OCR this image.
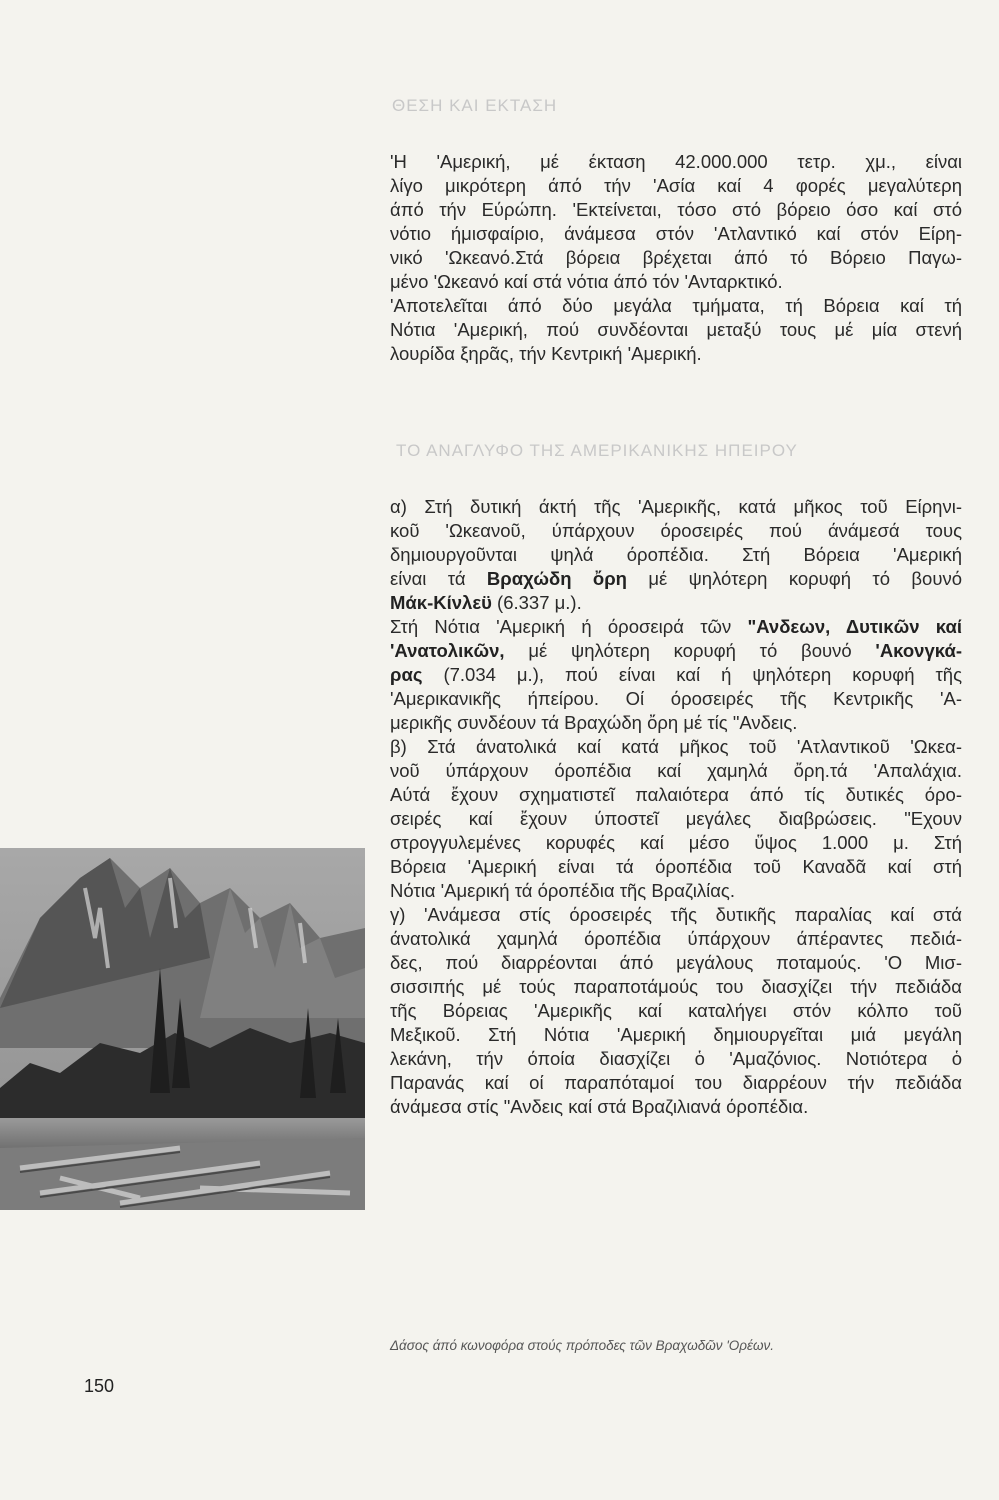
ΘΕΣΗ ΚΑΙ ΕΚΤΑΣΗ
'Η 'Αμερική, μέ έκταση 42.000.000 τετρ. χμ., είναι
λίγο μικρότερη άπό τήν 'Ασία καί 4 φορές μεγαλύτερη
άπό τήν Εύρώπη. 'Εκτείνεται, τόσο στό βόρειο όσο καί στό
νότιο ήμισφαίριο, άνάμεσα στόν 'Ατλαντικό καί στόν Είρη-
νικό 'Ωκεανό.Στά βόρεια βρέχεται άπό τό Βόρειο Παγω-
μένο 'Ωκεανό καί στά νότια άπό τόν 'Ανταρκτικό.
'Αποτελεῖται άπό δύο μεγάλα τμήματα, τή Βόρεια καί τή
Νότια 'Αμερική, πού συνδέονται μεταξύ τους μέ μία στενή
λουρίδα ξηρᾶς, τήν Κεντρική 'Αμερική.
ΤΟ ΑΝΑΓΛΥΦΟ ΤΗΣ ΑΜΕΡΙΚΑΝΙΚΗΣ ΗΠΕΙΡΟΥ
α) Στή δυτική άκτή τῆς 'Αμερικῆς, κατά μῆκος τοῦ Είρηνι-
κοῦ 'Ωκεανοῦ, ύπάρχουν όροσειρές πού άνάμεσά τους
δημιουργοῦνται ψηλά όροπέδια. Στή Βόρεια 'Αμερική
είναι τά Βραχώδη ὄρη μέ ψηλότερη κορυφή τό βουνό
Μάκ-Κίνλεϋ (6.337 μ.).
Στή Νότια 'Αμερική ή όροσειρά τῶν "Ανδεων, Δυτικῶν καί
'Ανατολικῶν, μέ ψηλότερη κορυφή τό βουνό 'Ακονγκά-
ρας (7.034 μ.), πού είναι καί ή ψηλότερη κορυφή τῆς
'Αμερικανικῆς ήπείρου. Οί όροσειρές τῆς Κεντρικῆς 'Α-
μερικῆς συνδέουν τά Βραχώδη ὄρη μέ τίς "Ανδεις.
β) Στά άνατολικά καί κατά μῆκος τοῦ 'Ατλαντικοῦ 'Ωκεα-
νοῦ ύπάρχουν όροπέδια καί χαμηλά ὄρη.τά 'Απαλάχια.
Αύτά ἔχουν σχηματιστεῖ παλαιότερα άπό τίς δυτικές όρο-
σειρές καί ἔχουν ύποστεῖ μεγάλες διαβρώσεις. "Εχουν
στρογγυλεμένες κορυφές καί μέσο ὕψος 1.000 μ. Στή
Βόρεια 'Αμερική είναι τά όροπέδια τοῦ Καναδᾶ καί στή
Νότια 'Αμερική τά όροπέδια τῆς Βραζιλίας.
γ) 'Ανάμεσα στίς όροσειρές τῆς δυτικῆς παραλίας καί στά
άνατολικά χαμηλά όροπέδια ύπάρχουν άπέραντες πεδιά-
δες, πού διαρρέονται άπό μεγάλους ποταμούς. 'Ο Μισ-
σισσιπής μέ τούς παραποτάμούς του διασχίζει τήν πεδιάδα
τῆς Βόρειας 'Αμερικῆς καί καταλήγει στόν κόλπο τοῦ
Μεξικοῦ. Στή Νότια 'Αμερική δημιουργεῖται μιά μεγάλη
λεκάνη, τήν όποία διασχίζει ὁ 'Αμαζόνιος. Νοτιότερα ὁ
Παρανάς καί οί παραπόταμοί του διαρρέουν τήν πεδιάδα
άνάμεσα στίς "Ανδεις καί στά Βραζιλιανά όροπέδια.

Δάσος άπό κωνοφόρα στούς πρόποδες τῶν Βραχωδῶν 'Ορέων.

150
